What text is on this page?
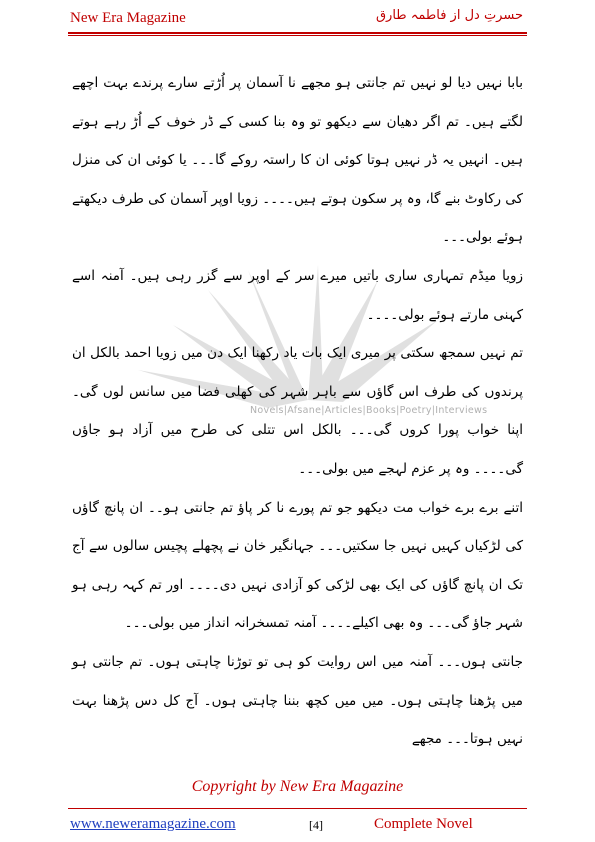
New Era Magazine	حسرتِ دل از فاطمہ طارق
Novels|Afsane|Articles|Books|Poetry|Interviews

بابا نہیں دیا لو نہیں تم جانتی ہو مجھے نا آسمان پر اُڑتے سارے پرندے بہت اچھے لگتے ہیں۔ تم اگر دھیان سے دیکھو تو وہ بنا کسی کے ڈر خوف کے اُڑ رہے ہوتے ہیں۔ انہیں یہ ڈر نہیں ہوتا کوئی ان کا راستہ روکے گا۔۔۔ یا کوئی ان کی منزل کی رکاوٹ بنے گا، وہ پر سکون ہوتے ہیں۔۔۔۔ زویا اوپر آسمان کی طرف دیکھتے ہوئے بولی۔۔۔

زویا میڈم تمہاری ساری باتیں میرے سر کے اوپر سے گزر رہی ہیں۔ آمنہ اسے کہنی مارتے ہوئے بولی۔۔۔۔

تم نہیں سمجھ سکتی پر میری ایک بات یاد رکھنا ایک دن میں زویا احمد بالکل ان پرندوں کی طرف اس گاؤں سے باہر شہر کی کھلی فضا میں سانس لوں گی۔ اپنا خواب پورا کروں گی۔۔۔ بالکل اس تتلی کی طرح میں آزاد ہو جاؤں گی۔۔۔۔ وہ پر عزم لہجے میں بولی۔۔۔

اتنے برے برے خواب مت دیکھو جو تم پورے نا کر پاؤ تم جانتی ہو۔۔ ان پانچ گاؤں کی لڑکیاں کہیں نہیں جا سکتیں۔۔۔ جہانگیر خان نے پچھلے پچیس سالوں سے آج تک ان پانچ گاؤں کی ایک بھی لڑکی کو آزادی نہیں دی۔۔۔۔ اور تم کہہ رہی ہو شہر جاؤ گی۔۔۔ وہ بھی اکیلے۔۔۔۔ آمنہ تمسخرانہ انداز میں بولی۔۔۔

جانتی ہوں۔۔۔ آمنہ میں اس روایت کو ہی تو توڑنا چاہتی ہوں۔ تم جانتی ہو میں پڑھنا چاہتی ہوں۔ میں میں کچھ بننا چاہتی ہوں۔ آج کل دس پڑھنا بہت نہیں ہوتا۔۔۔ مجھے

Copyright by New Era Magazine
www.neweramagazine.com	[4]	Complete Novel
